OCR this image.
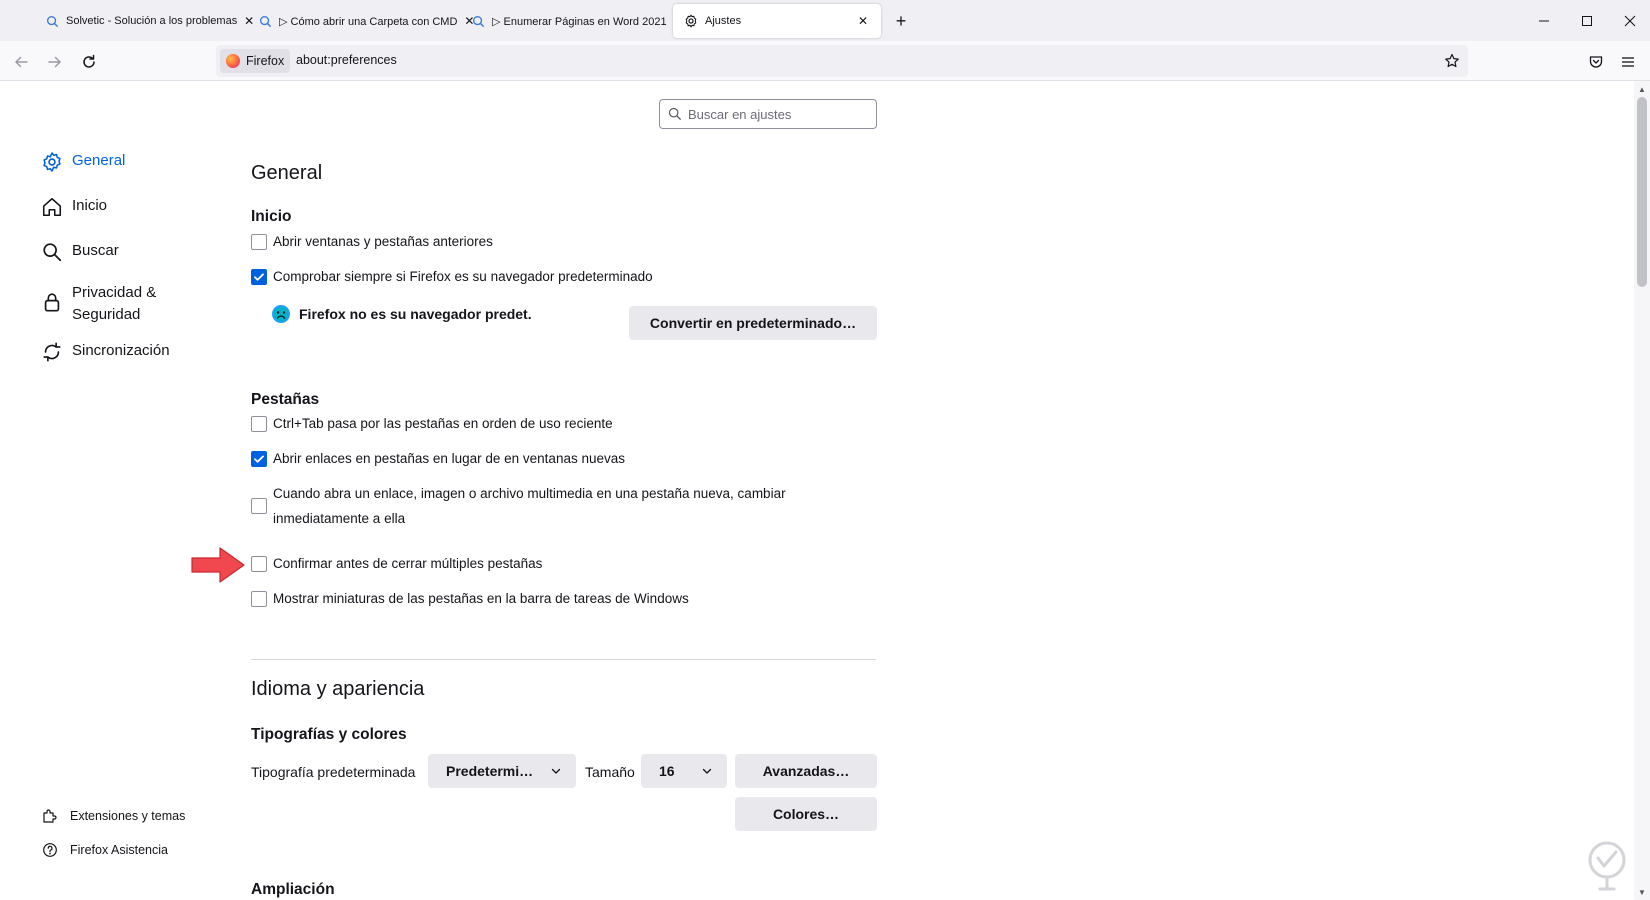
Solvetic - Solución a los problemas ✕ ▷ Cómo abrir una Carpeta con CMD ✕ ▷ Enumerar Páginas en Word 2021	Ajustes	✕	+
Firefox about:preferences
Buscar en ajustes
General
Inicio
Buscar
Privacidad & Seguridad
Sincronización
Extensiones y temas
Firefox Asistencia
General
Inicio
Abrir ventanas y pestañas anteriores
Comprobar siempre si Firefox es su navegador predeterminado
Firefox no es su navegador predet.
Convertir en predeterminado…
Pestañas
Ctrl+Tab pasa por las pestañas en orden de uso reciente
Abrir enlaces en pestañas en lugar de en ventanas nuevas
Cuando abra un enlace, imagen o archivo multimedia en una pestaña nueva, cambiar
inmediatamente a ella
Confirmar antes de cerrar múltiples pestañas
Mostrar miniaturas de las pestañas en la barra de tareas de Windows
Idioma y apariencia
Tipografías y colores
Tipografía predeterminada Predetermi…	Tamaño 16	Avanzadas…
Colores…
Ampliación
▲
▼
